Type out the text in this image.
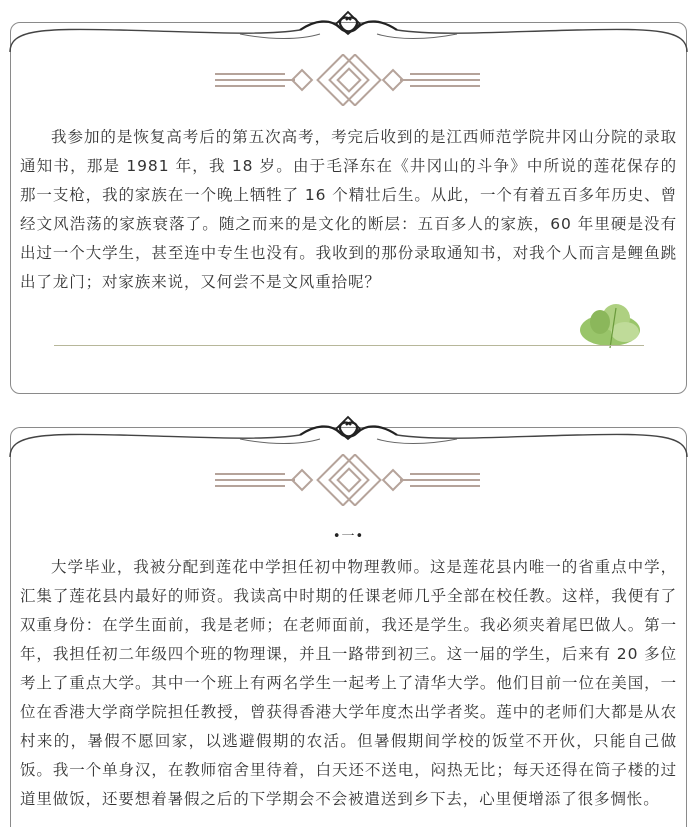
我参加的是恢复高考后的第五次高考，考完后收到的是江西师范学院井冈山分院的录取通知书，那是 1981 年，我 18 岁。由于毛泽东在《井冈山的斗争》中所说的莲花保存的那一支枪，我的家族在一个晚上牺牲了 16 个精壮后生。从此，一个有着五百多年历史、曾经文风浩荡的家族衰落了。随之而来的是文化的断层：五百多人的家族，60 年里硬是没有出过一个大学生，甚至连中专生也没有。我收到的那份录取通知书，对我个人而言是鲤鱼跳出了龙门；对家族来说，又何尝不是文风重拾呢？

•一•

大学毕业，我被分配到莲花中学担任初中物理教师。这是莲花县内唯一的省重点中学，汇集了莲花县内最好的师资。我读高中时期的任课老师几乎全部在校任教。这样，我便有了双重身份：在学生面前，我是老师；在老师面前，我还是学生。我必须夹着尾巴做人。第一年，我担任初二年级四个班的物理课，并且一路带到初三。这一届的学生，后来有 20 多位考上了重点大学。其中一个班上有两名学生一起考上了清华大学。他们目前一位在美国，一位在香港大学商学院担任教授，曾获得香港大学年度杰出学者奖。莲中的老师们大都是从农村来的，暑假不愿回家，以逃避假期的农活。但暑假期间学校的饭堂不开伙，只能自己做饭。我一个单身汉，在教师宿舍里待着，白天还不送电，闷热无比；每天还得在筒子楼的过道里做饭，还要想着暑假之后的下学期会不会被遣送到乡下去，心里便增添了很多惆怅。
